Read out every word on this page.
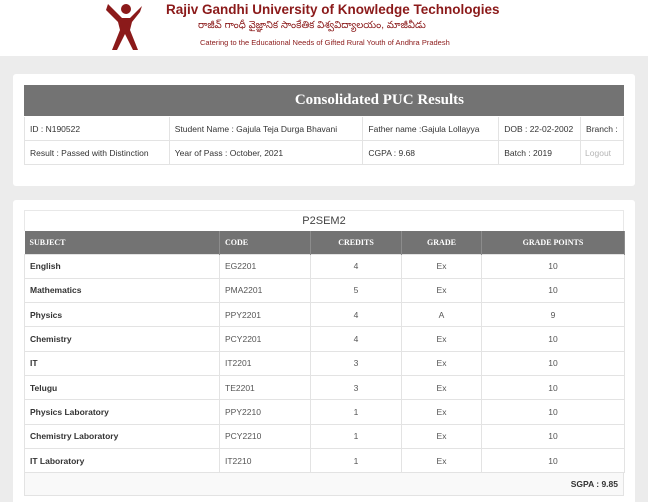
Rajiv Gandhi University of Knowledge Technologies
రాజీవ్ గాంధీ వైజ్ఞానిక సాంకేతిక విశ్వవిద్యాలయం, మాజీవీడు
Catering to the Educational Needs of Gifted Rural Youth of Andhra Pradesh
Consolidated PUC Results
ID : N190522	Student Name : Gajula Teja Durga Bhavani	Father name :Gajula Lollayya	DOB : 22-02-2002	Branch :
Result : Passed with Distinction	Year of Pass : October, 2021	CGPA : 9.68	Batch : 2019	Logout
P2SEM2
SUBJECT	CODE	CREDITS	GRADE	GRADE POINTS
English	EG2201	4	Ex	10
Mathematics	PMA2201	5	Ex	10
Physics	PPY2201	4	A	9
Chemistry	PCY2201	4	Ex	10
IT	IT2201	3	Ex	10
Telugu	TE2201	3	Ex	10
Physics Laboratory	PPY2210	1	Ex	10
Chemistry Laboratory	PCY2210	1	Ex	10
IT Laboratory	IT2210	1	Ex	10
SGPA : 9.85
